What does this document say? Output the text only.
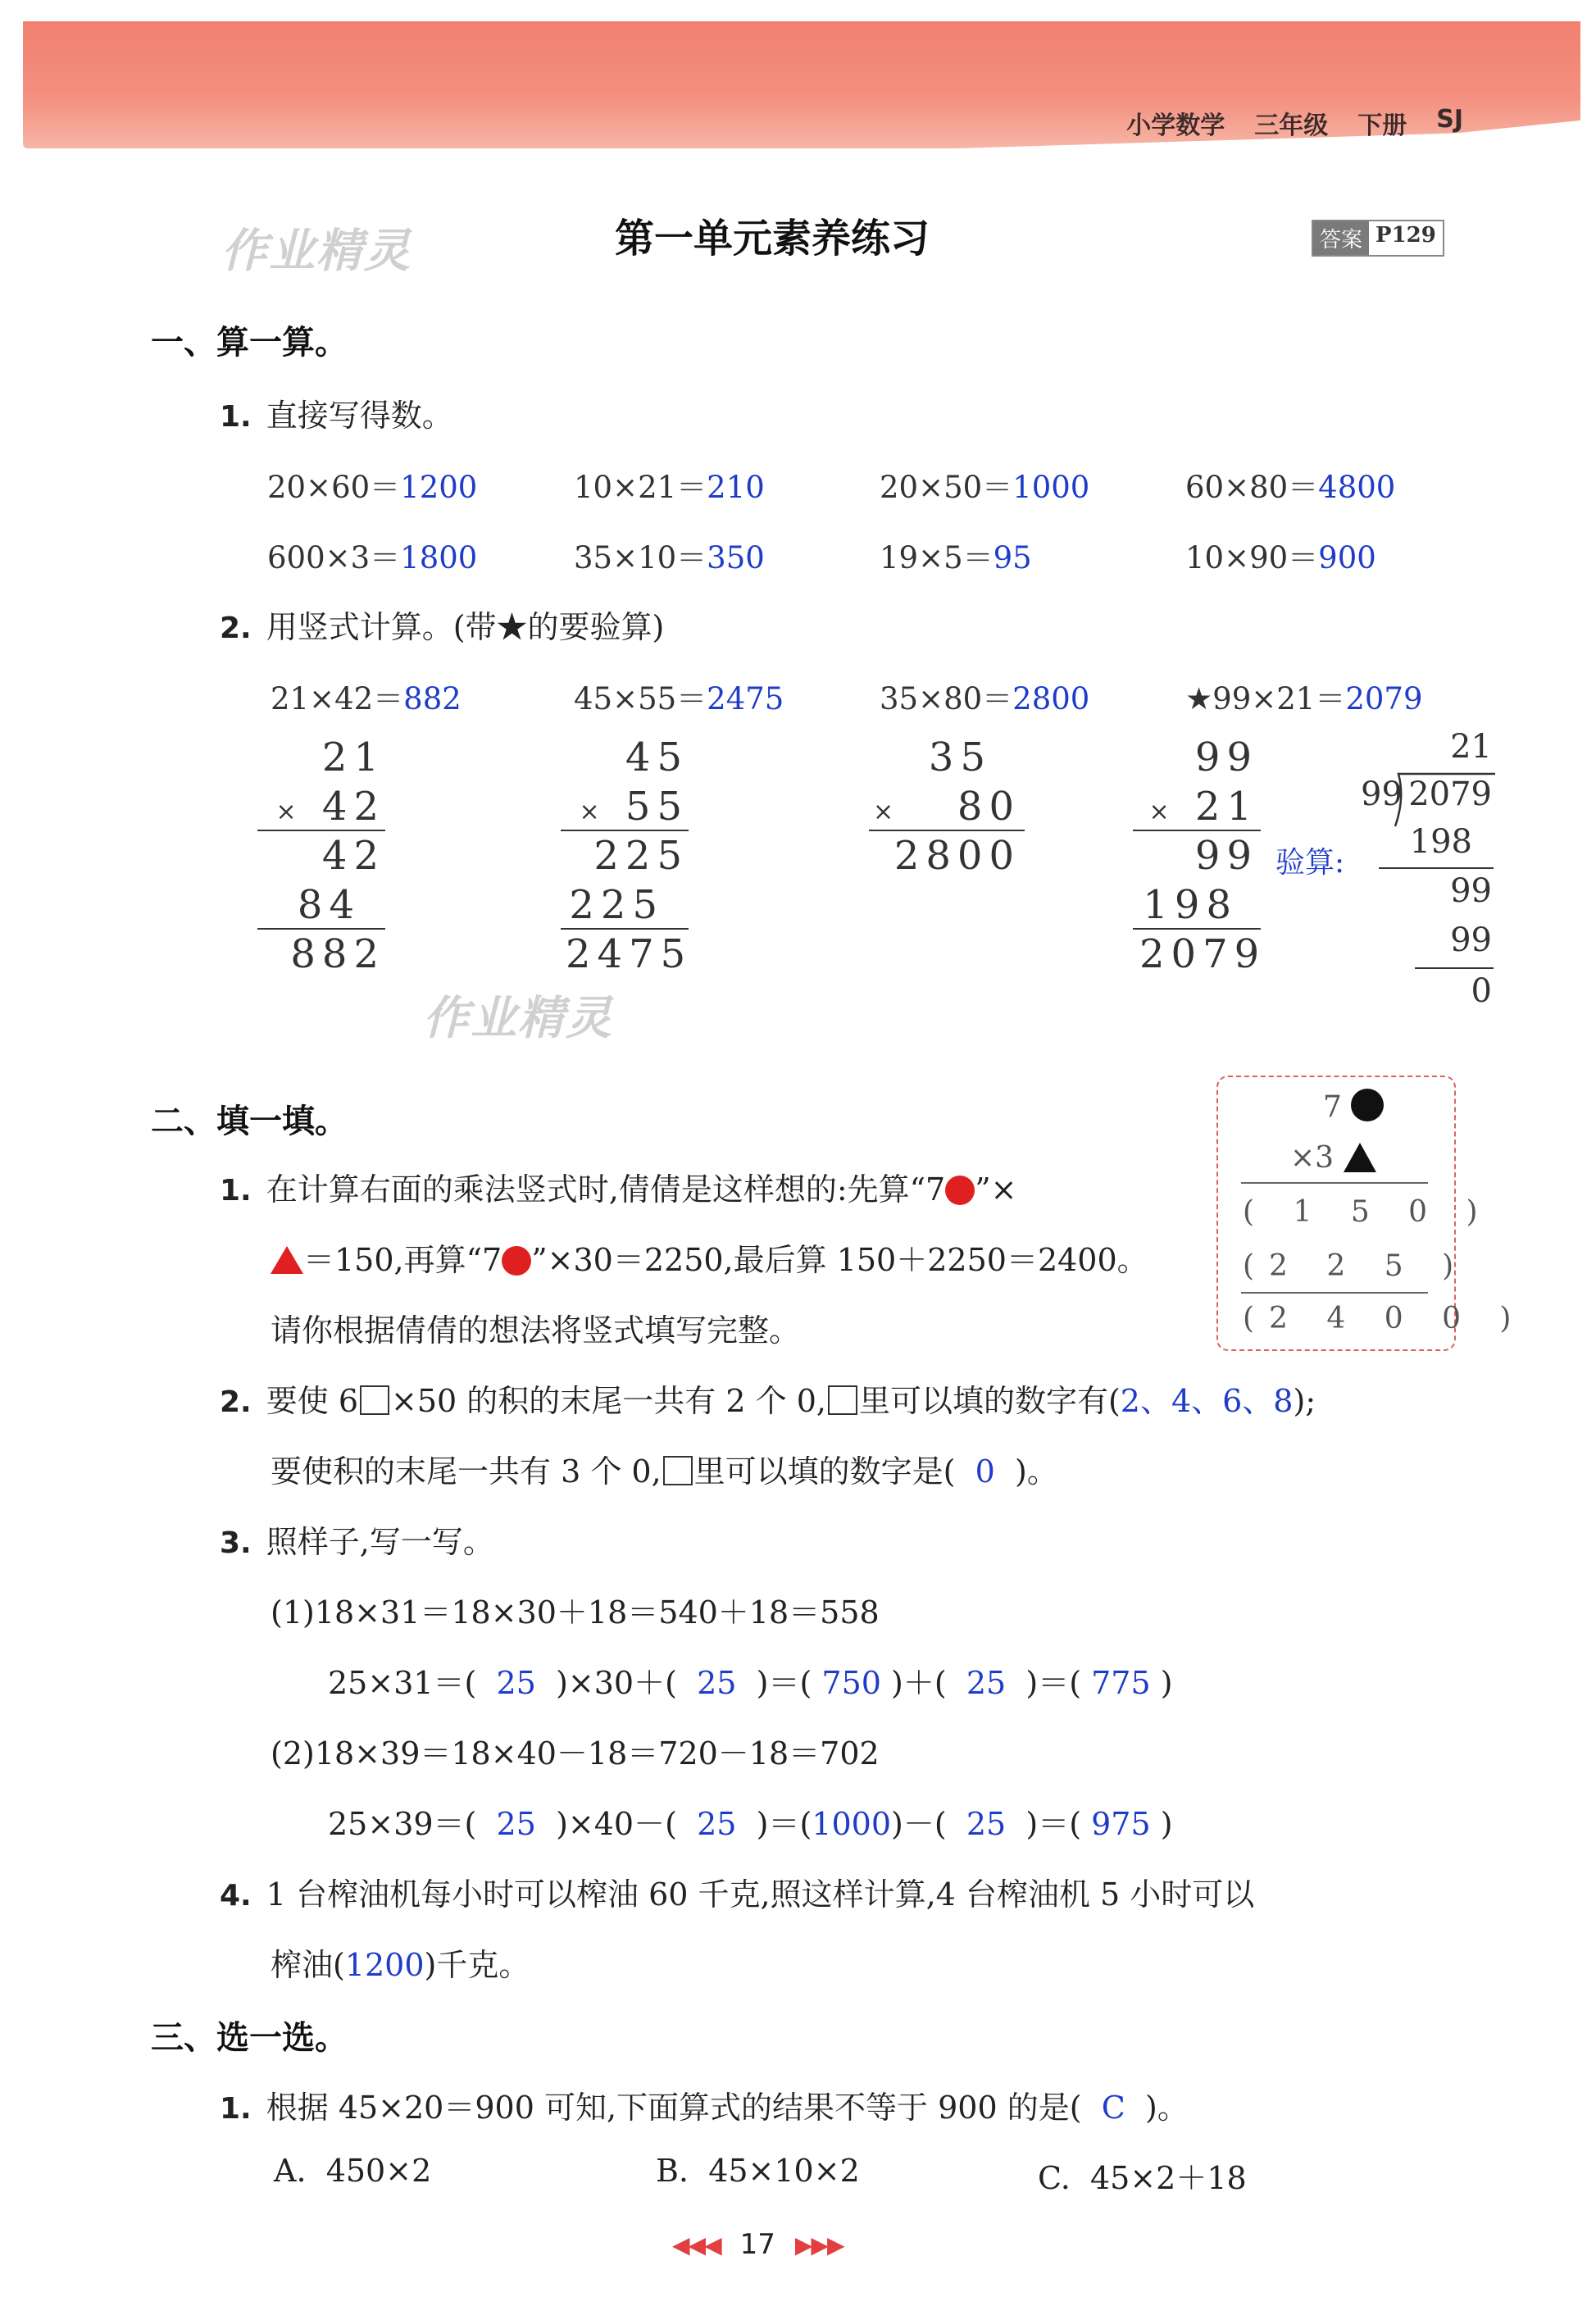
小学数学 三年级 下册 SJ
作业精灵	第一单元素养练习	答案 P129
一、算一算。
1. 直接写得数。
20×60＝1200	10×21＝210	20×50＝1000	60×80＝4800
600×3＝1800	35×10＝350	19×5＝95	10×90＝900
2. 用竖式计算。(带★的要验算)
21×42＝882	45×55＝2475	35×80＝2800	★99×21＝2079
21
× 42
42
84
882
45
× 55
225
225
2475
35
× 80
2800
99
× 21
99
198
2079
验算:
21
99 2079
198
99
99
0
作业精灵
二、填一填。
1. 在计算右面的乘法竖式时,倩倩是这样想的:先算“7 ”×
＝150,再算“7 ”×30＝2250,最后算 150＋2250＝2400。
请你根据倩倩的想法将竖式填写完整。
7
×3
( 1 5 0 )
(2 2 5 )
(2 4 0 0 )
2. 要使 6 ×50 的积的末尾一共有 2 个 0, 里可以填的数字有(2、4、6、8);
要使积的末尾一共有 3 个 0, 里可以填的数字是( 0 )。
3. 照样子,写一写。
(1)18×31＝18×30＋18＝540＋18＝558
25×31＝( 25 )×30＋( 25 )＝( 750 )＋( 25 )＝( 775 )
(2)18×39＝18×40－18＝720－18＝702
25×39＝( 25 )×40－( 25 )＝(1000)－( 25 )＝( 975 )
4. 1 台榨油机每小时可以榨油 60 千克,照这样计算,4 台榨油机 5 小时可以
榨油(1200)千克。
三、选一选。
1. 根据 45×20＝900 可知,下面算式的结果不等于 900 的是( C )。
A. 450×2	B. 45×10×2	C. 45×2＋18
◀◀◀ 17 ▶▶▶
